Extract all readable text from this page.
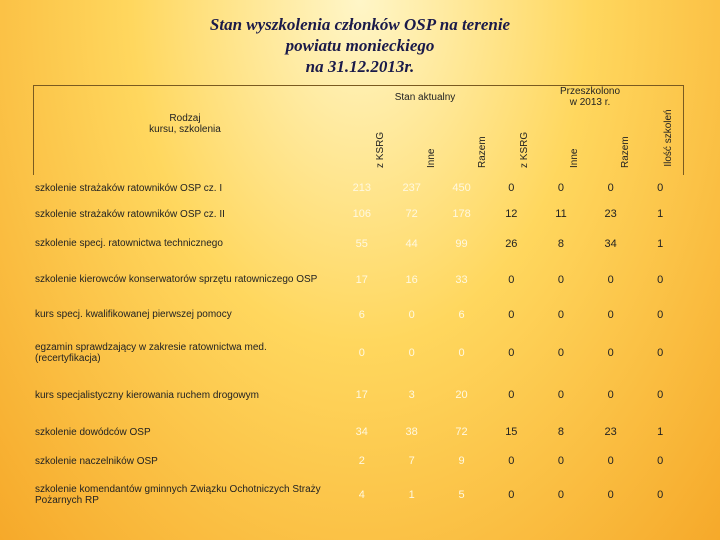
Stan wyszkolenia członków OSP na terenie
powiatu monieckiego
na 31.12.2013r.
Rodzaj
kursu, szkolenia
Stan aktualny
Przeszkolono
w 2013 r.
z KSRG	Inne	Razem	z KSRG	Inne	Razem	Ilość szkoleń
szkolenie strażaków ratowników OSP cz. I	213	237	450	0	0	0	0
szkolenie strażaków ratowników OSP cz. II	106	72	178	12	11	23	1
szkolenie specj. ratownictwa technicznego	55	44	99	26	8	34	1
szkolenie kierowców konserwatorów sprzętu ratowniczego OSP	17	16	33	0	0	0	0
kurs specj. kwalifikowanej pierwszej pomocy	6	0	6	0	0	0	0
egzamin sprawdzający w zakresie ratownictwa med. (recertyfikacja)	0	0	0	0	0	0	0
kurs specjalistyczny kierowania ruchem drogowym	17	3	20	0	0	0	0
szkolenie dowódców OSP	34	38	72	15	8	23	1
szkolenie naczelników OSP	2	7	9	0	0	0	0
szkolenie komendantów gminnych Związku Ochotniczych Straży Pożarnych RP	4	1	5	0	0	0	0
